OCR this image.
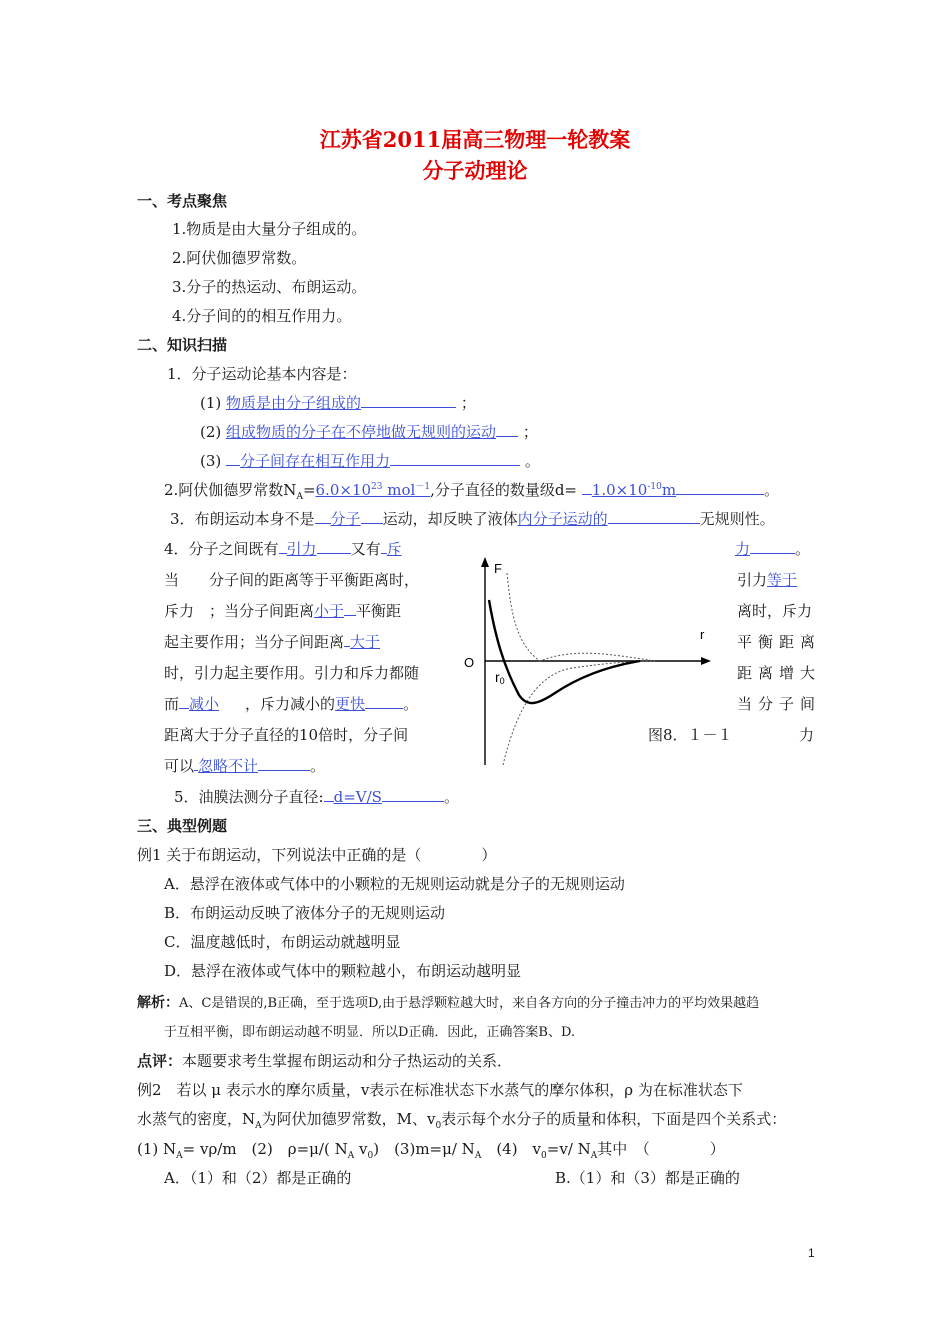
江苏省2011届高三物理一轮教案
分子动理论
一、考点聚焦
1.物质是由大量分子组成的。
2.阿伏伽德罗常数。
3.分子的热运动、布朗运动。
4.分子间的的相互作用力。
二、知识扫描
1．分子运动论基本内容是：
(1) 物质是由分子组成的	；
(2) 组成物质的分子在不停地做无规则的运动 ；
(3) 分子间存在相互作用力	。
2.阿伏伽德罗常数$N_A=6.0\times 10^{23}$ mol$^{-1}$,分子直径的数量级$d= 1.0\times 10^{-10}m$	。
3．布朗运动本身不是 分子 运动，却反映了液体内分子运动的	无规则性。
4．分子之间既有 引力 又有 斥	力	。
当　　分子间的距离等于平衡距离时，
斥力　；当分子间距离小于 平衡距
起主要作用；当分子间距离 大于
时，引力起主要作用。引力和斥力都随
而 减小 ，斥力减小的更快	。
距离大于分子直径的10倍时，分子间
可以 忽略不计	。
引力等于
离时，斥力
平衡距离
距离增大
当分子间
图8．１－１	力
F
r
O
r0
5．油膜法测分子直径: d=V/S	。
三、典型例题
例1 关于布朗运动，下列说法中正确的是（　　　　）
A．悬浮在液体或气体中的小颗粒的无规则运动就是分子的无规则运动
B．布朗运动反映了液体分子的无规则运动
C．温度越低时，布朗运动就越明显
D．悬浮在液体或气体中的颗粒越小，布朗运动越明显
解析：A、C是错误的,B正确，至于选项D,由于悬浮颗粒越大时，来自各方向的分子撞击冲力的平均效果越趋
于互相平衡，即布朗运动越不明显．所以D正确．因此，正确答案B、D.
点评：本题要求考生掌握布朗运动和分子热运动的关系．
例2　若以 μ 表示水的摩尔质量，v表示在标准状态下水蒸气的摩尔体积，ρ 为在标准状态下
水蒸气的密度，$N_A$为阿伏加德罗常数，M、$v_0$表示每个水分子的质量和体积，下面是四个关系式：
(1) $N_A= v\rho/m$　(2)　ρ=μ/( $N_A$ $v_0$)　(3)m=μ/ $N_A$　(4)　$v_0=v/$ $N_A$其中　（　　　　）
A．（1）和（2）都是正确的	B.（1）和（3）都是正确的
1
